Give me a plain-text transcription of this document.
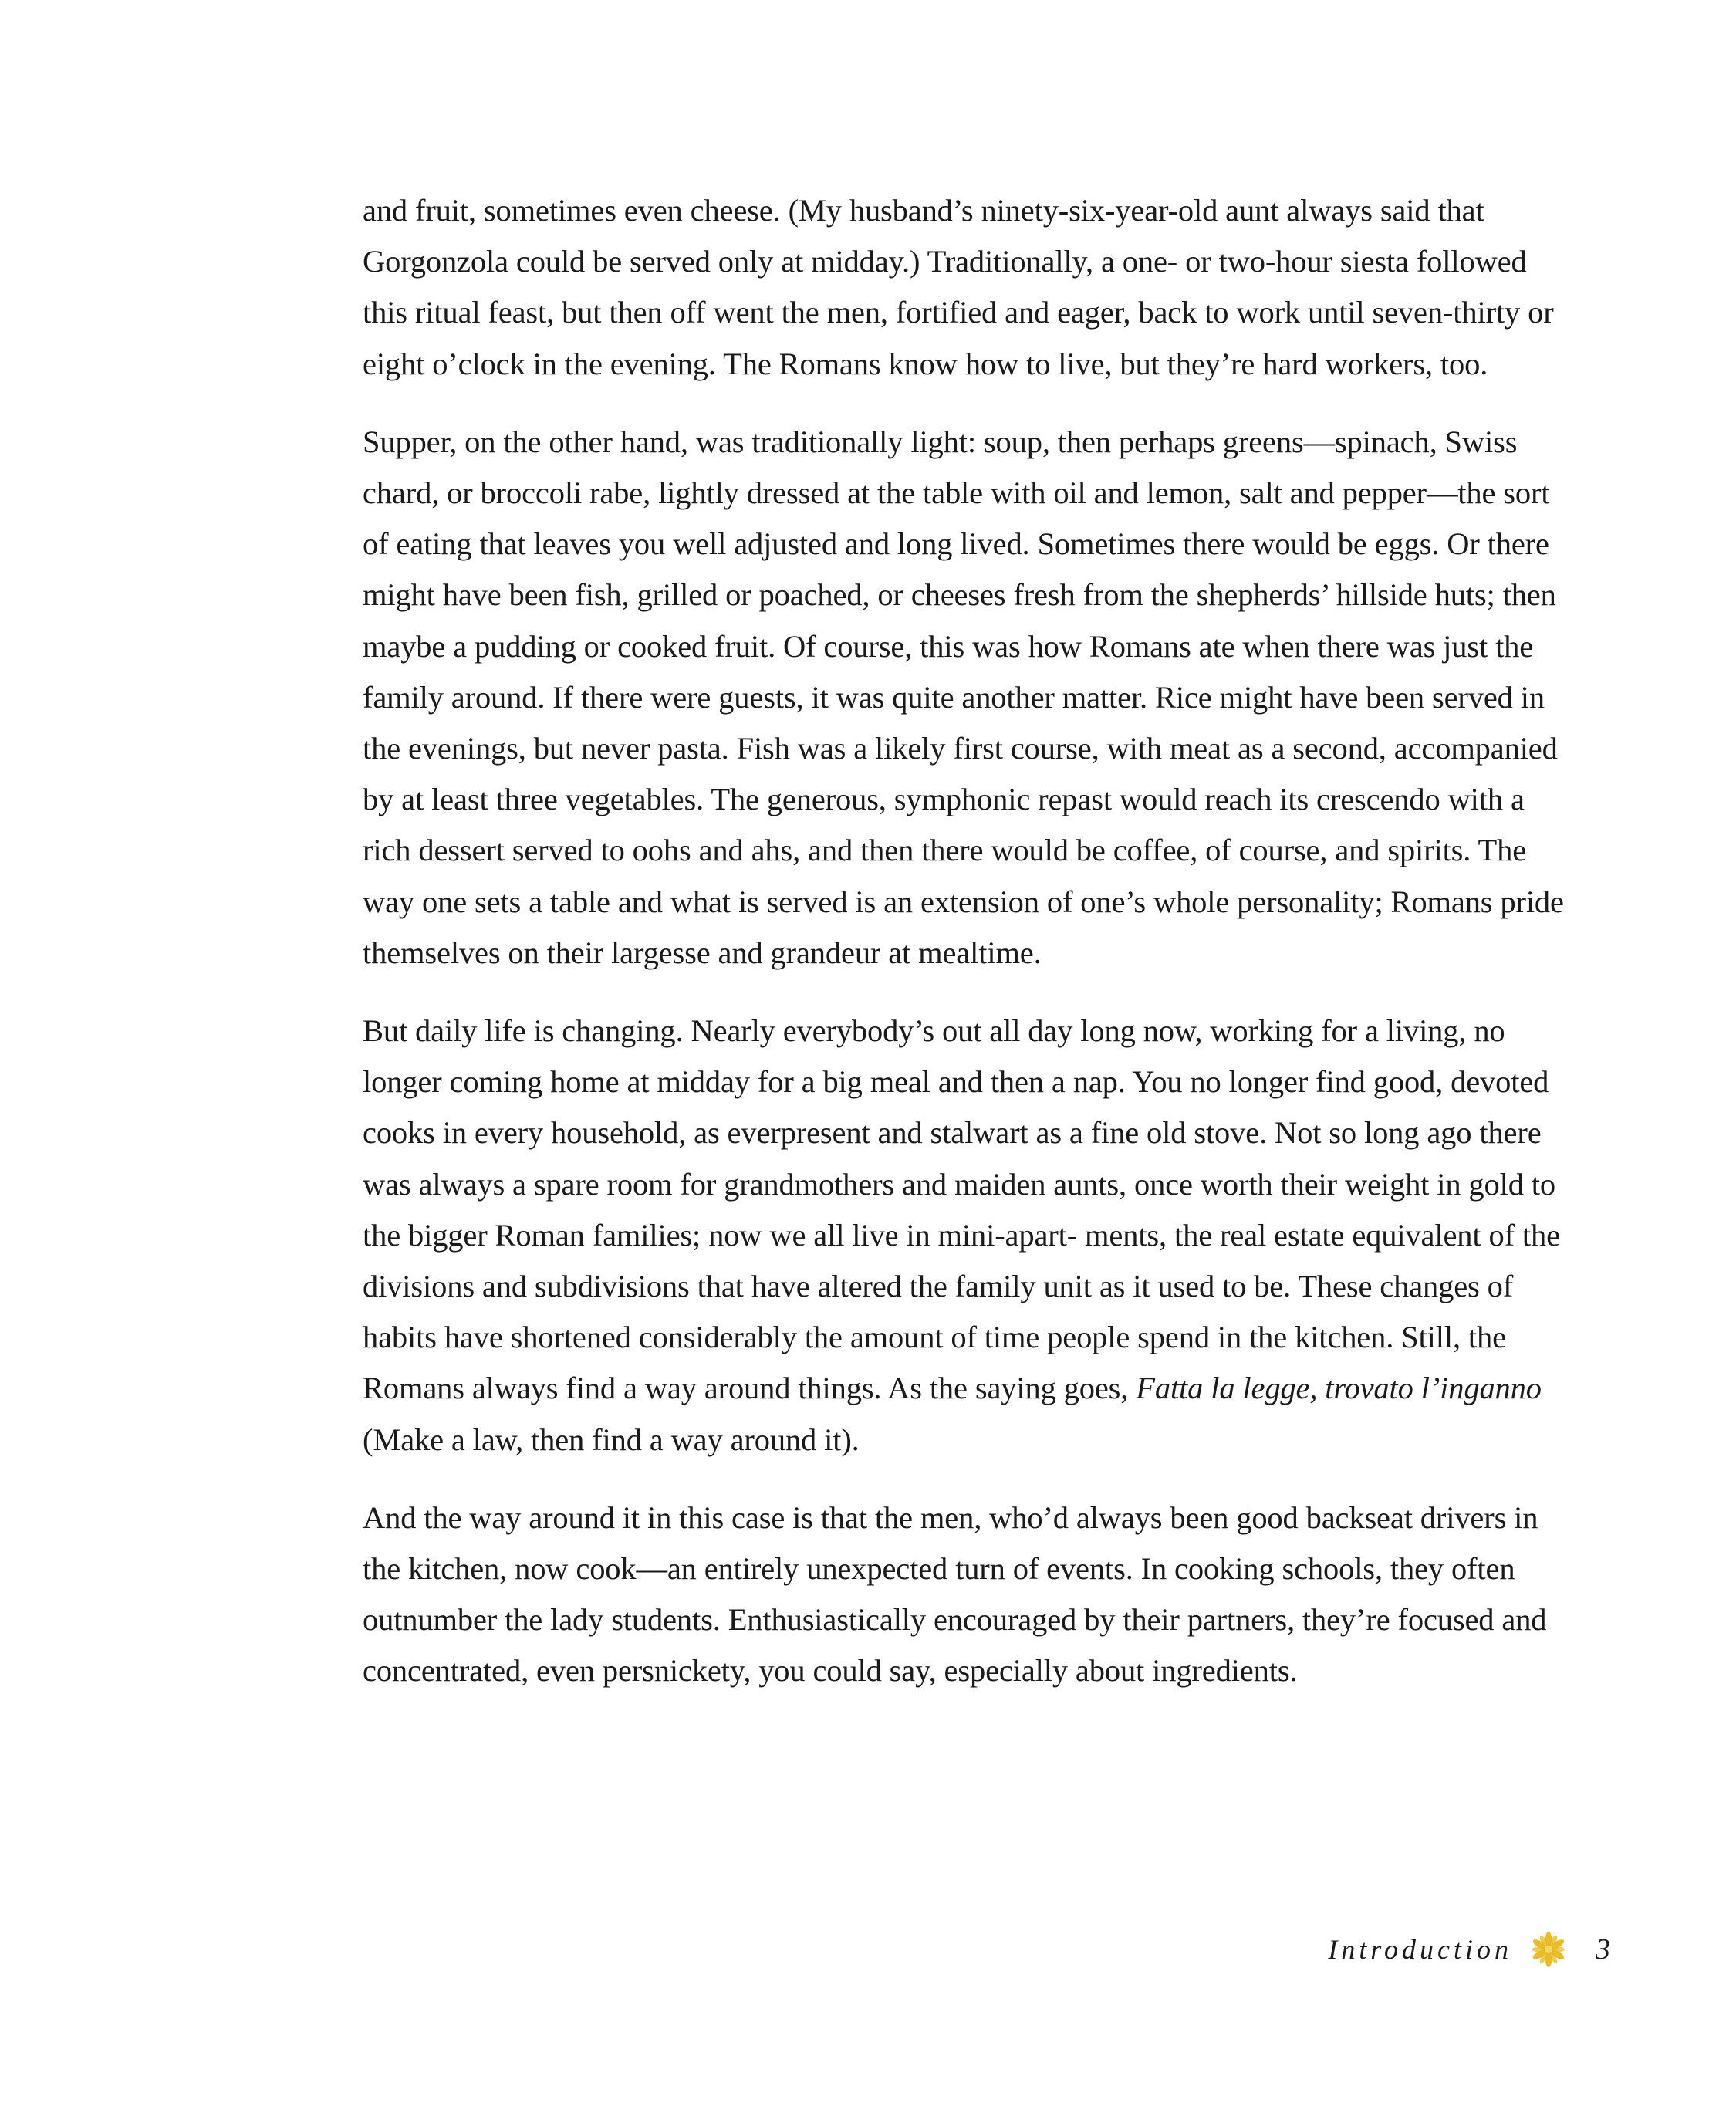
and fruit, sometimes even cheese. (My husband’s ninety-six-year-old aunt always said that Gorgonzola could be served only at midday.) Traditionally, a one- or two-hour siesta followed this ritual feast, but then off went the men, fortified and eager, back to work until seven-thirty or eight o’clock in the evening. The Romans know how to live, but they’re hard workers, too.

Supper, on the other hand, was traditionally light: soup, then perhaps greens—spinach, Swiss chard, or broccoli rabe, lightly dressed at the table with oil and lemon, salt and pepper—the sort of eating that leaves you well adjusted and long lived. Sometimes there would be eggs. Or there might have been fish, grilled or poached, or cheeses fresh from the shepherds’ hillside huts; then maybe a pudding or cooked fruit. Of course, this was how Romans ate when there was just the family around. If there were guests, it was quite another matter. Rice might have been served in the evenings, but never pasta. Fish was a likely first course, with meat as a second, accompanied by at least three vegetables. The generous, symphonic repast would reach its crescendo with a rich dessert served to oohs and ahs, and then there would be coffee, of course, and spirits. The way one sets a table and what is served is an extension of one’s whole personality; Romans pride themselves on their largesse and grandeur at mealtime.

But daily life is changing. Nearly everybody’s out all day long now, working for a living, no longer coming home at midday for a big meal and then a nap. You no longer find good, devoted cooks in every household, as everpresent and stalwart as a fine old stove. Not so long ago there was always a spare room for grandmothers and maiden aunts, once worth their weight in gold to the bigger Roman families; now we all live in mini-apart- ments, the real estate equivalent of the divisions and subdivisions that have altered the family unit as it used to be. These changes of habits have shortened considerably the amount of time people spend in the kitchen. Still, the Romans always find a way around things. As the saying goes, Fatta la legge, trovato l’inganno (Make a law, then find a way around it).

And the way around it in this case is that the men, who’d always been good backseat drivers in the kitchen, now cook—an entirely unexpected turn of events. In cooking schools, they often outnumber the lady students. Enthusiastically encouraged by their partners, they’re focused and concentrated, even persnickety, you could say, especially about ingredients.

Introduction	3
